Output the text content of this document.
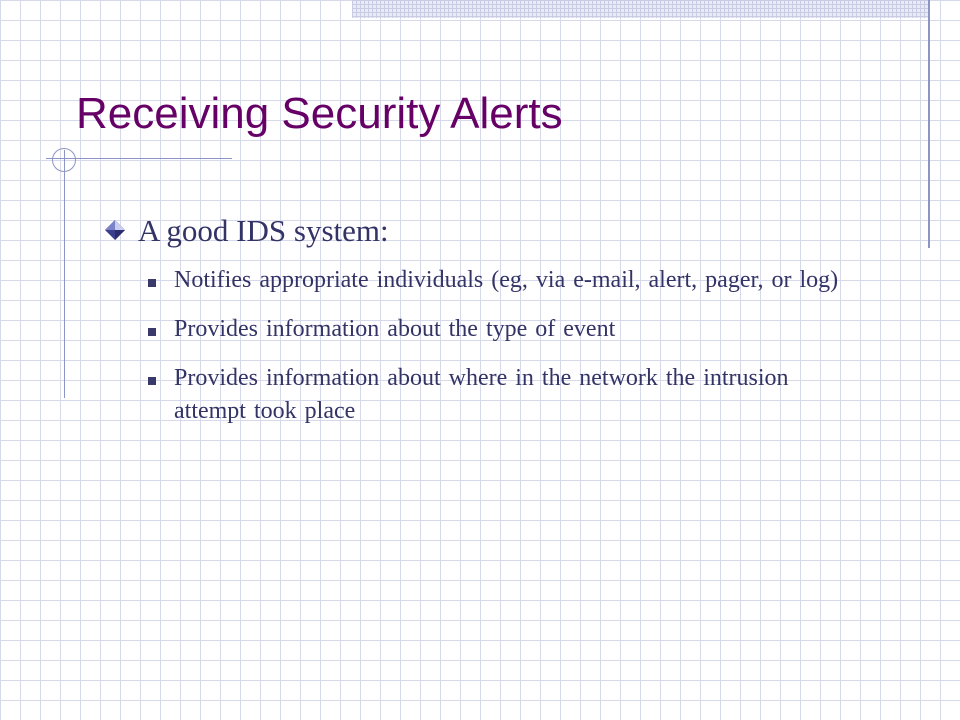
Receiving Security Alerts
A good IDS system:
Notifies appropriate individuals (eg, via e-mail, alert, pager, or log)
Provides information about the type of event
Provides information about where in the network the intrusion attempt took place
